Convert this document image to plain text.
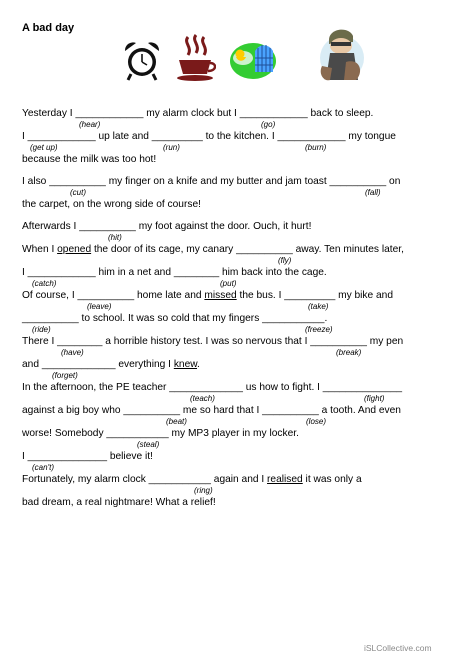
A bad day
Yesterday I ____________ my alarm clock but I ____________ back to sleep.
(hear)	(go)
I ____________ up late and _________ to the kitchen. I ____________ my tongue
(get up)	(run)	(burn)
because the milk was too hot!
I also __________ my finger on a knife and my butter and jam toast __________ on
(cut)	(fall)
the carpet, on the wrong side of course!
Afterwards I __________ my foot against the door. Ouch, it hurt!
(hit)
When I opened the door of its cage, my canary __________ away. Ten minutes later,
(fly)
I ____________ him in a net and ________ him back into the cage.
(catch)	(put)
Of course, I __________ home late and missed the bus. I _________ my bike and
(leave)	(take)
__________ to school. It was so cold that my fingers ___________.
(ride)	(freeze)
There I ________ a horrible history test. I was so nervous that I __________ my pen
(have)	(break)
and _____________ everything I knew.
(forget)
In the afternoon, the PE teacher _____________ us how to fight. I ______________
(teach)	(fight)
against a big boy who __________ me so hard that I __________ a tooth. And even
(beat)	(lose)
worse! Somebody ___________ my MP3 player in my locker.
(steal)
I ______________ believe it!
(can't)
Fortunately, my alarm clock ___________ again and I realised it was only a
(ring)
bad dream, a real nightmare! What a relief!
iSLCollective.com
